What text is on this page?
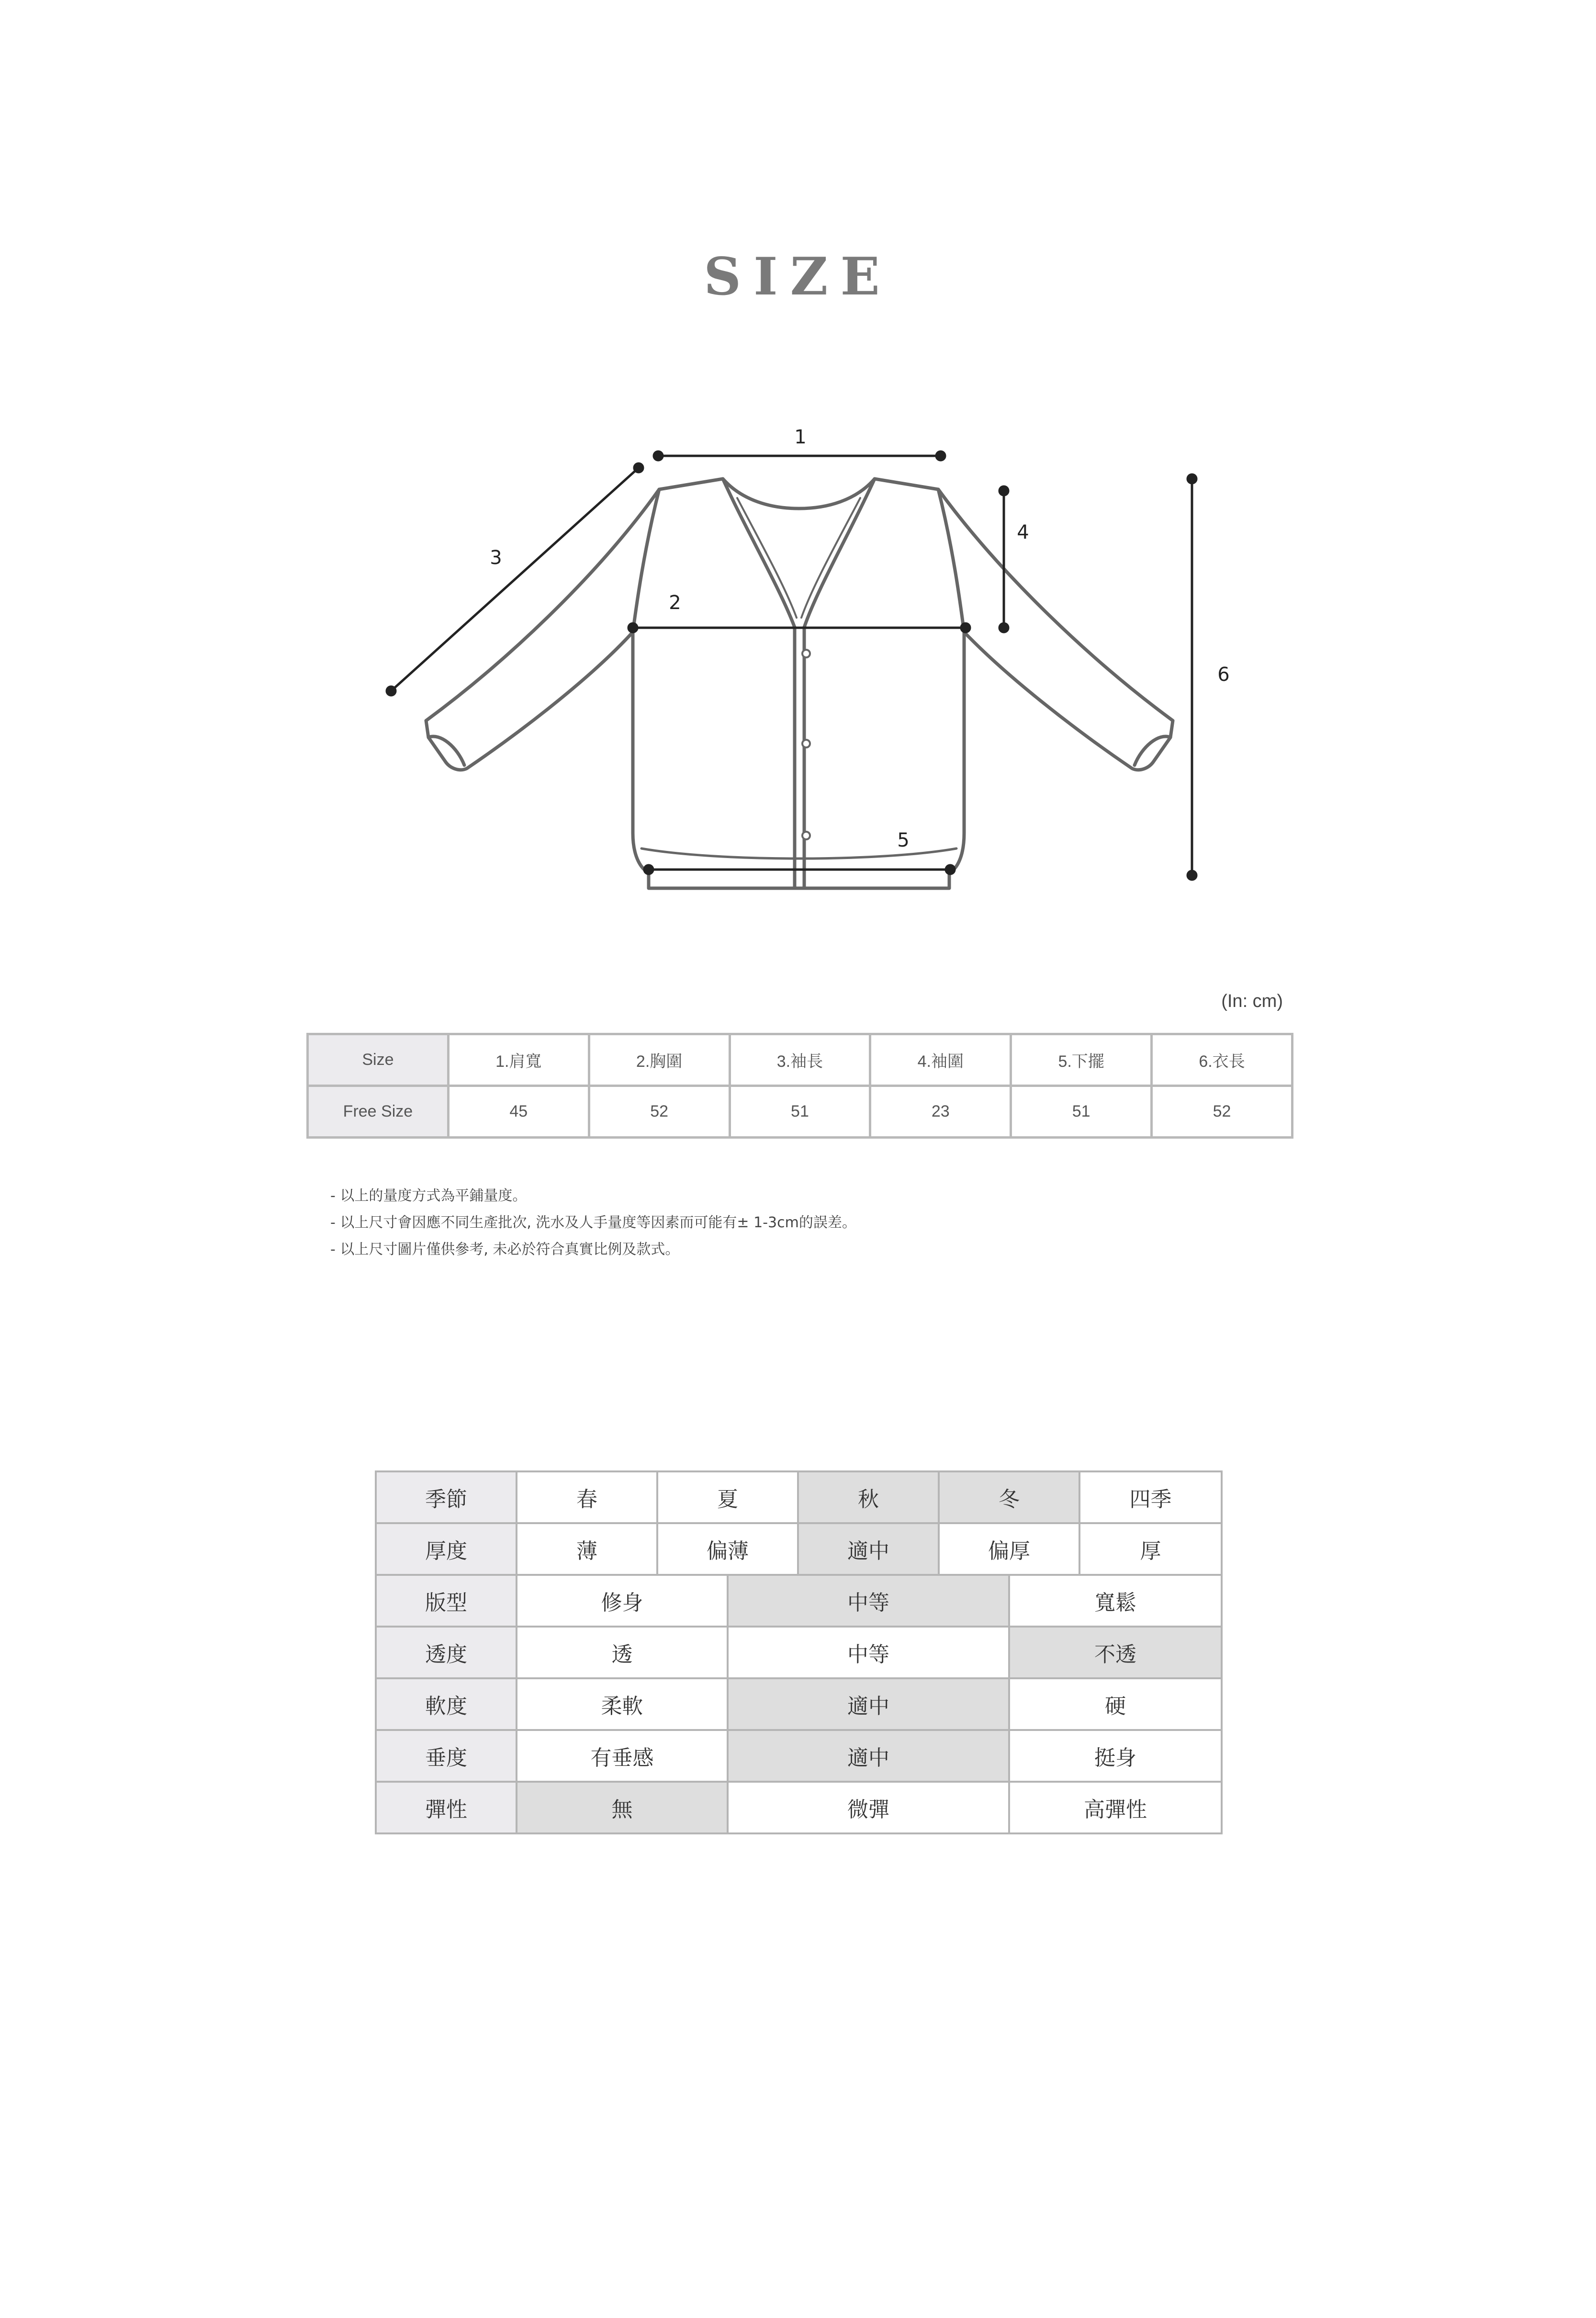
SIZE
1
2
3
4
5
6
(In: cm)
Size	1.肩寬	2.胸圍	3.袖長	4.袖圍	5.下擺	6.衣長
Free Size	45	52	51	23	51	52
- 以上的量度方式為平鋪量度。
- 以上尺寸會因應不同生產批次, 洗水及人手量度等因素而可能有± 1-3cm的誤差。
- 以上尺寸圖片僅供參考, 未必於符合真實比例及款式。
季節	春	夏		秋	冬		四季
厚度	薄	偏薄		適中	偏厚		厚
版型	修身		中等			寬鬆	
透度	透		中等			不透	
軟度	柔軟		適中			硬	
垂度	有垂感		適中			挺身	
彈性	無		微彈			高彈性	
